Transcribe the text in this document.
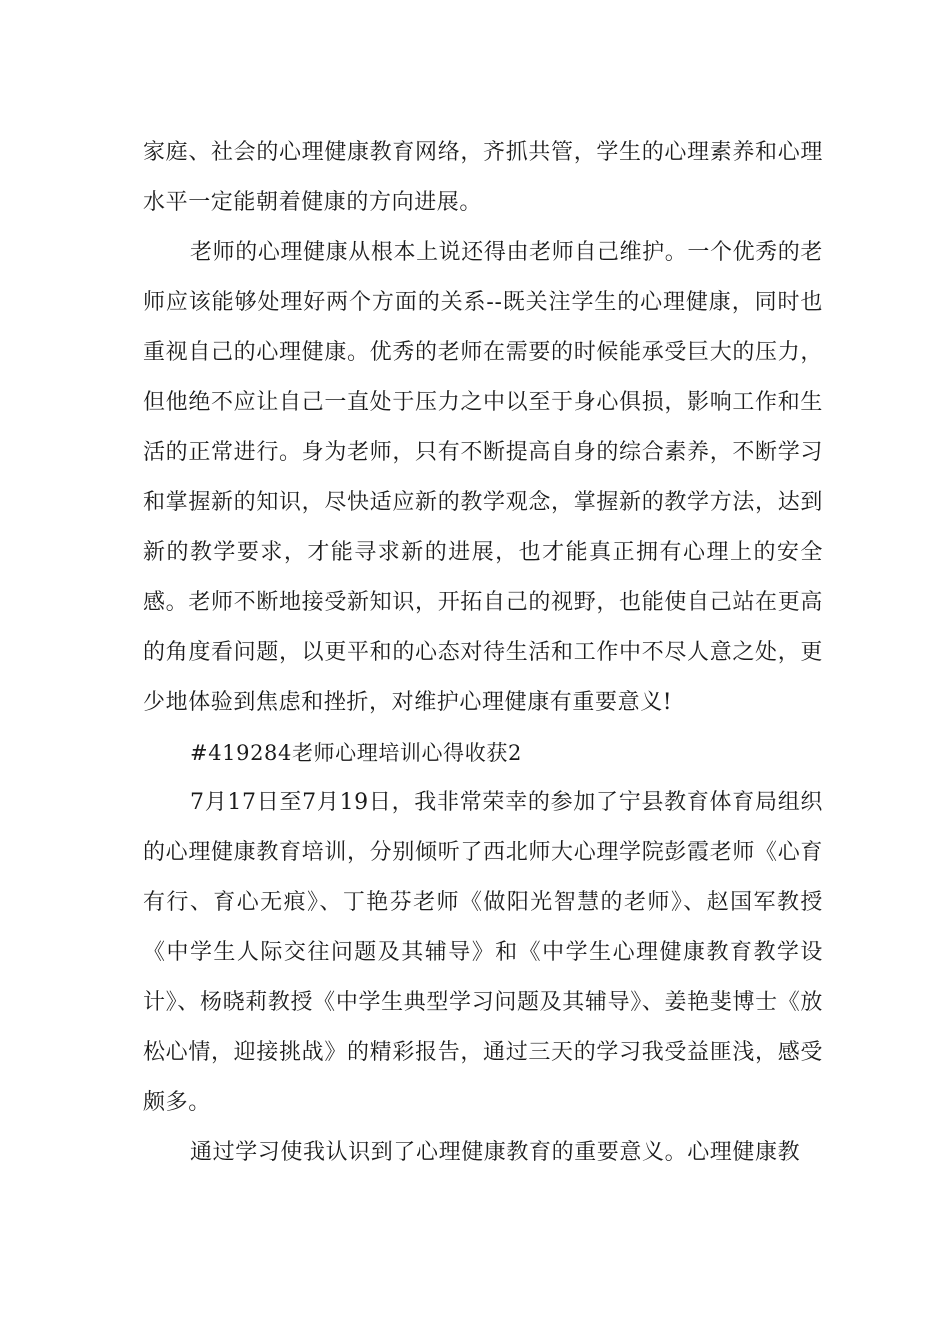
家庭、社会的心理健康教育网络，齐抓共管，学生的心理素养和心理水平一定能朝着健康的方向进展。

老师的心理健康从根本上说还得由老师自己维护。一个优秀的老师应该能够处理好两个方面的关系--既关注学生的心理健康，同时也重视自己的心理健康。优秀的老师在需要的时候能承受巨大的压力，但他绝不应让自己一直处于压力之中以至于身心俱损，影响工作和生活的正常进行。身为老师，只有不断提高自身的综合素养，不断学习和掌握新的知识，尽快适应新的教学观念，掌握新的教学方法，达到新的教学要求，才能寻求新的进展，也才能真正拥有心理上的安全感。老师不断地接受新知识，开拓自己的视野，也能使自己站在更高的角度看问题，以更平和的心态对待生活和工作中不尽人意之处，更少地体验到焦虑和挫折，对维护心理健康有重要意义!

#419284老师心理培训心得收获2

7月17日至7月19日，我非常荣幸的参加了宁县教育体育局组织的心理健康教育培训，分别倾听了西北师大心理学院彭霞老师《心育有行、育心无痕》、丁艳芬老师《做阳光智慧的老师》、赵国军教授《中学生人际交往问题及其辅导》和《中学生心理健康教育教学设计》、杨晓莉教授《中学生典型学习问题及其辅导》、姜艳斐博士《放松心情，迎接挑战》的精彩报告，通过三天的学习我受益匪浅，感受颇多。

通过学习使我认识到了心理健康教育的重要意义。心理健康教
